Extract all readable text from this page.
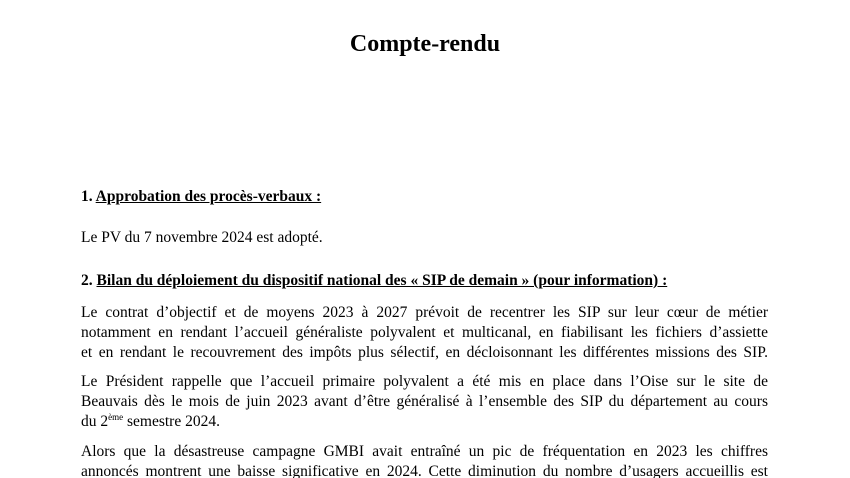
Compte-rendu
1. Approbation des procès-verbaux :
Le PV du 7 novembre 2024 est adopté.
2. Bilan du déploiement du dispositif national des « SIP de demain » (pour information) :
Le contrat d’objectif et de moyens 2023 à 2027 prévoit de recentrer les SIP sur leur cœur de métier
notamment en rendant l’accueil généraliste polyvalent et multicanal, en fiabilisant les fichiers d’assiette
et en rendant le recouvrement des impôts plus sélectif, en décloisonnant les différentes missions des SIP.
Le Président rappelle que l’accueil primaire polyvalent a été mis en place dans l’Oise sur le site de
Beauvais dès le mois de juin 2023 avant d’être généralisé à l’ensemble des SIP du département au cours
du 2ème semestre 2024.
Alors que la désastreuse campagne GMBI avait entraîné un pic de fréquentation en 2023 les chiffres
annoncés montrent une baisse significative en 2024. Cette diminution du nombre d’usagers accueillis est
